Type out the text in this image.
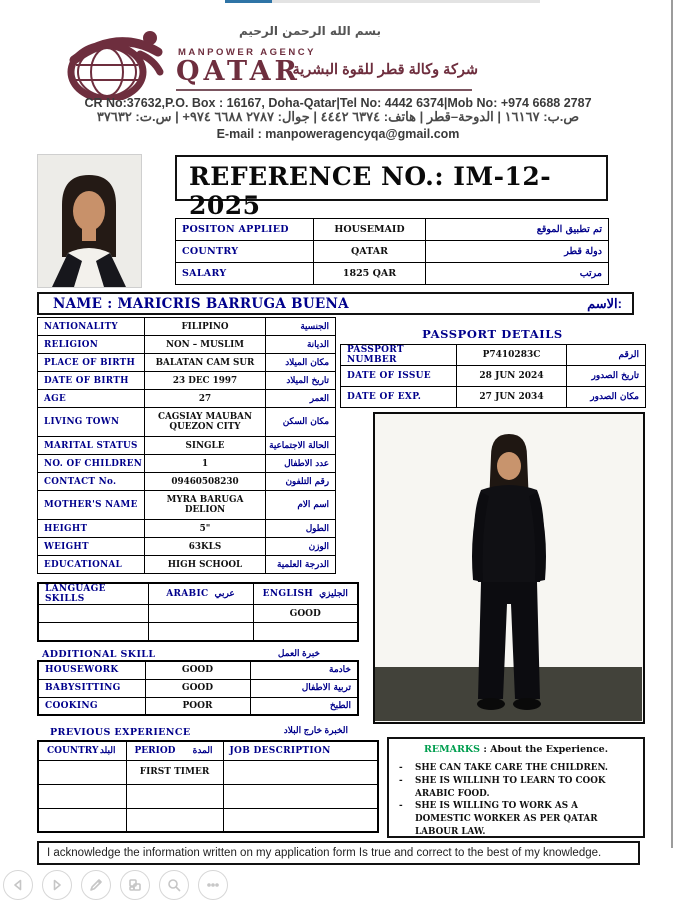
بسم الله الرحمن الرحيم
MANPOWER AGENCY
QATAR
شركة وكالة قطر للقوة البشرية
CR No:37632,P.O. Box : 16167, Doha-Qatar|Tel No: 4442 6374|Mob No: +974 6688 2787
ص.ب: ١٦١٦٧ | الدوحة–قطر | هاتف: ٦٣٧٤ ٤٤٤٢ | جوال: ٢٧٨٧ ٦٦٨٨ ٩٧٤+ | س.ت: ٣٧٦٣٢
E-mail : manpoweragencyqa@gmail.com
REFERENCE NO.: IM-12-2025
POSITON APPLIED	HOUSEMAID	تم تطبيق الموقع
COUNTRY	QATAR	دولة قطر
SALARY	1825 QAR	مرتب
NAME : MARICRIS BARRUGA BUENA	الاسم:
NATIONALITY	FILIPINO	الجنسية
RELIGION	NON – MUSLIM	الديانة
PLACE OF BIRTH	BALATAN CAM SUR	مكان الميلاد
DATE OF BIRTH	23 DEC 1997	تاريخ الميلاد
AGE	27	العمر
LIVING TOWN	CAGSIAY MAUBAN QUEZON CITY	مكان السكن
MARITAL STATUS	SINGLE	الحالة الاجتماعية
NO. OF CHILDREN	1	عدد الاطفال
CONTACT No.	09460508230	رقم التلفون
MOTHER'S NAME	MYRA BARUGA DELION	اسم الام
HEIGHT	5"	الطول
WEIGHT	63KLS	الوزن
EDUCATIONAL	HIGH SCHOOL	الدرجة العلمية
PASSPORT DETAILS
PASSPORT NUMBER	P7410283C	الرقم
DATE OF ISSUE	28 JUN 2024	تاريخ الصدور
DATE OF EXP.	27 JUN 2034	مكان الصدور
LANGUAGE SKILLS	ARABIC عربي	ENGLISH الجليزي

		GOOD

ADDITIONAL SKILL	خبرة العمل
HOUSEWORK	GOOD	خادمة
BABYSITTING	GOOD	تربية الاطفال
COOKING	POOR	الطبخ
PREVIOUS EXPERIENCE	الخبرة خارج البلاد
COUNTRY البلد	PERIOD المدة	JOB DESCRIPTION
	FIRST TIMER	

REMARKS : About the Experience.
- SHE CAN TAKE CARE THE CHILDREN.
- SHE IS WILLINH TO LEARN TO COOK ARABIC FOOD.
- SHE IS WILLING TO WORK AS A DOMESTIC WORKER AS PER QATAR LABOUR LAW.
I acknowledge the information written on my application form Is true and correct to the best of my knowledge.
